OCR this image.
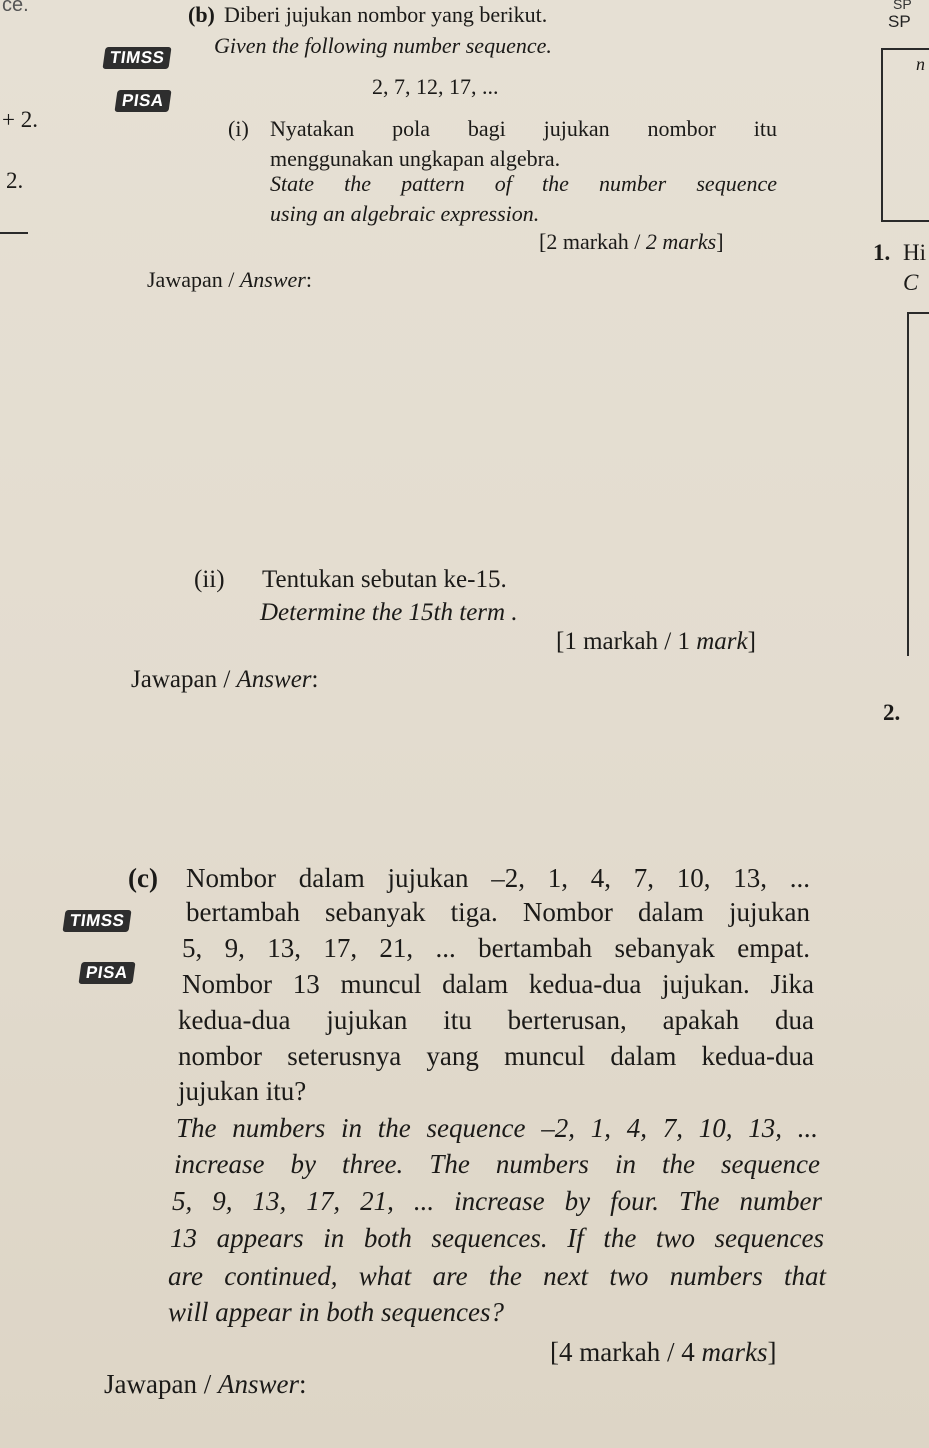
ce.
+ 2.
2.
SP
SP
n
1. Hi
C
2.
(b) Diberi jujukan nombor yang berikut.
TIMSS Given the following number sequence.
2, 7, 12, 17, ...
PISA
(i) Nyatakan pola bagi jujukan nombor itu
menggunakan ungkapan algebra.
State the pattern of the number sequence
using an algebraic expression.
[2 markah / 2 marks]
Jawapan / Answer:
(ii) Tentukan sebutan ke-15.
Determine the 15th term .
[1 markah / 1 mark]
Jawapan / Answer:
(c) Nombor dalam jujukan –2, 1, 4, 7, 10, 13, ...
TIMSS bertambah sebanyak tiga. Nombor dalam jujukan
5, 9, 13, 17, 21, ... bertambah sebanyak empat.
PISA Nombor 13 muncul dalam kedua-dua jujukan. Jika
kedua-dua jujukan itu berterusan, apakah dua
nombor seterusnya yang muncul dalam kedua-dua
jujukan itu?
The numbers in the sequence –2, 1, 4, 7, 10, 13, ...
increase by three. The numbers in the sequence
5, 9, 13, 17, 21, ... increase by four. The number
13 appears in both sequences. If the two sequences
are continued, what are the next two numbers that
will appear in both sequences?
[4 markah / 4 marks]
Jawapan / Answer:
